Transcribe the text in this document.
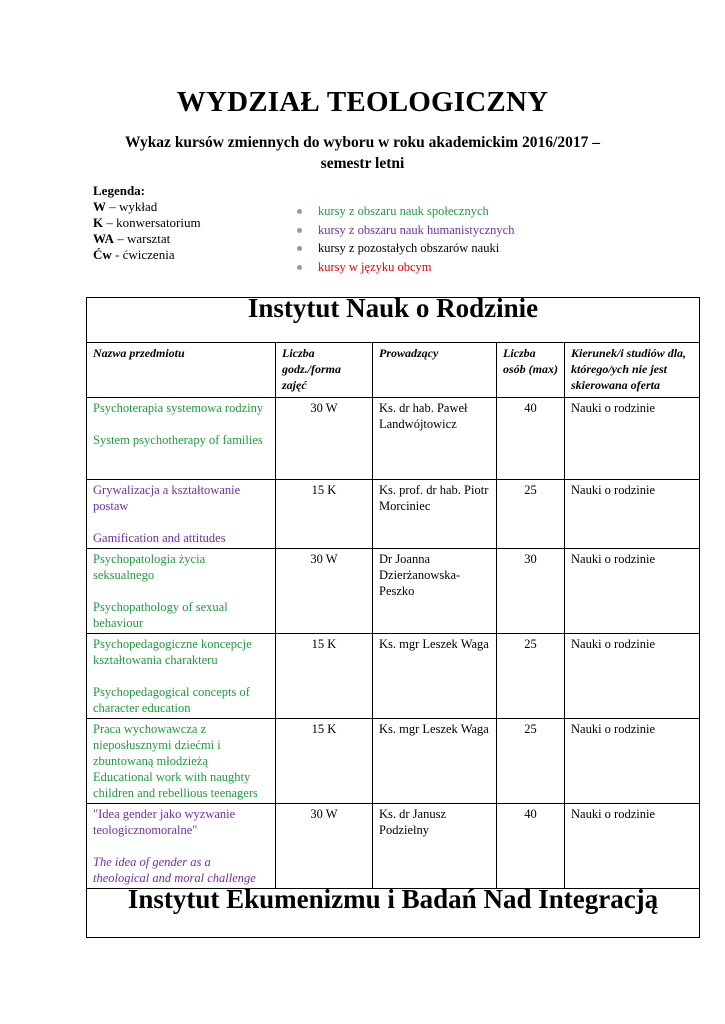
WYDZIAŁ TEOLOGICZNY
Wykaz kursów zmiennych do wyboru w roku akademickim 2016/2017 –
semestr letni
Legenda:
W – wykład
K – konwersatorium
WA – warsztat
Ćw - ćwiczenia
kursy z obszaru nauk społecznych
kursy z obszaru nauk humanistycznych
kursy z pozostałych obszarów nauki
kursy w języku obcym
Instytut Nauk o Rodzinie				
Nazwa przedmiotu	Liczba godz./forma zajęć	Prowadzący	Liczba osób (max)	Kierunek/i studiów dla, którego/ych nie jest skierowana oferta

Psychoterapia systemowa rodziny
System psychotherapy of families	30 W	Ks. dr hab. Paweł Landwójtowicz	40	Nauki o rodzinie

Grywalizacja a kształtowanie postaw
Gamification and attitudes	15 K	Ks. prof. dr hab. Piotr Morciniec	25	Nauki o rodzinie

Psychopatologia życia seksualnego
Psychopathology of sexual behaviour	30 W	Dr Joanna Dzierżanowska-Peszko	30	Nauki o rodzinie

Psychopedagogiczne koncepcje kształtowania charakteru
Psychopedagogical concepts of character education	15 K	Ks. mgr Leszek Waga	25	Nauki o rodzinie

Praca wychowawcza z nieposłusznymi dziećmi i zbuntowaną młodzieżą
Educational work with naughty children and rebellious teenagers	15 K	Ks. mgr Leszek Waga	25	Nauki o rodzinie

"Idea gender jako wyzwanie teologicznomoralne"
The idea of gender as a theological and moral challenge	30 W	Ks. dr Janusz Podzielny	40	Nauki o rodzinie
Instytut Ekumenizmu i Badań Nad Integracją				
